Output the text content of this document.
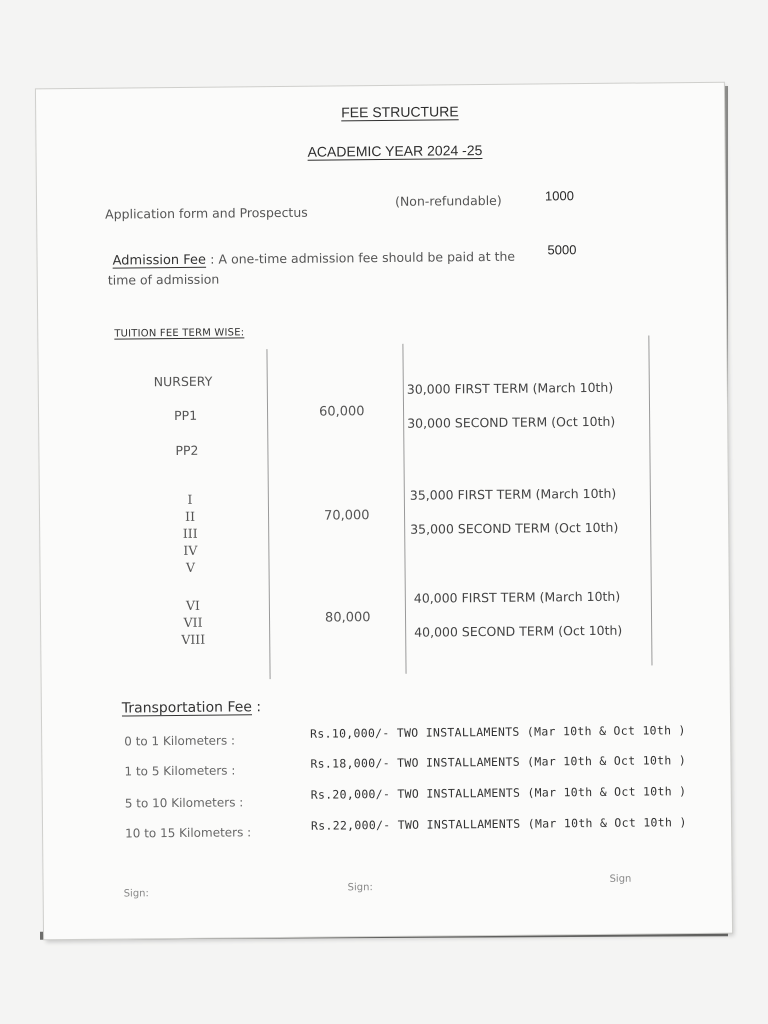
FEE STRUCTURE
ACADEMIC YEAR 2024 -25
Application form and Prospectus
(Non-refundable)	1000
Admission Fee : A one-time admission fee should be paid at the
time of admission
5000
TUITION FEE TERM WISE:
NURSERY
PP1
PP2
60,000
30,000 FIRST TERM (March 10th)
30,000 SECOND TERM (Oct 10th)
I
II
III
IV
V
70,000
35,000 FIRST TERM (March 10th)
35,000 SECOND TERM (Oct 10th)
VI
VII
VIII
80,000
40,000 FIRST TERM (March 10th)
40,000 SECOND TERM (Oct 10th)
Transportation Fee :
0 to 1 Kilometers :
Rs.10,000/- TWO INSTALLAMENTS (Mar 10th & Oct 10th )
1 to 5 Kilometers :
Rs.18,000/- TWO INSTALLAMENTS (Mar 10th & Oct 10th )
5 to 10 Kilometers :
Rs.20,000/- TWO INSTALLAMENTS (Mar 10th & Oct 10th )
10 to 15 Kilometers :
Rs.22,000/- TWO INSTALLAMENTS (Mar 10th & Oct 10th )
Sign:
Sign:
Sign
